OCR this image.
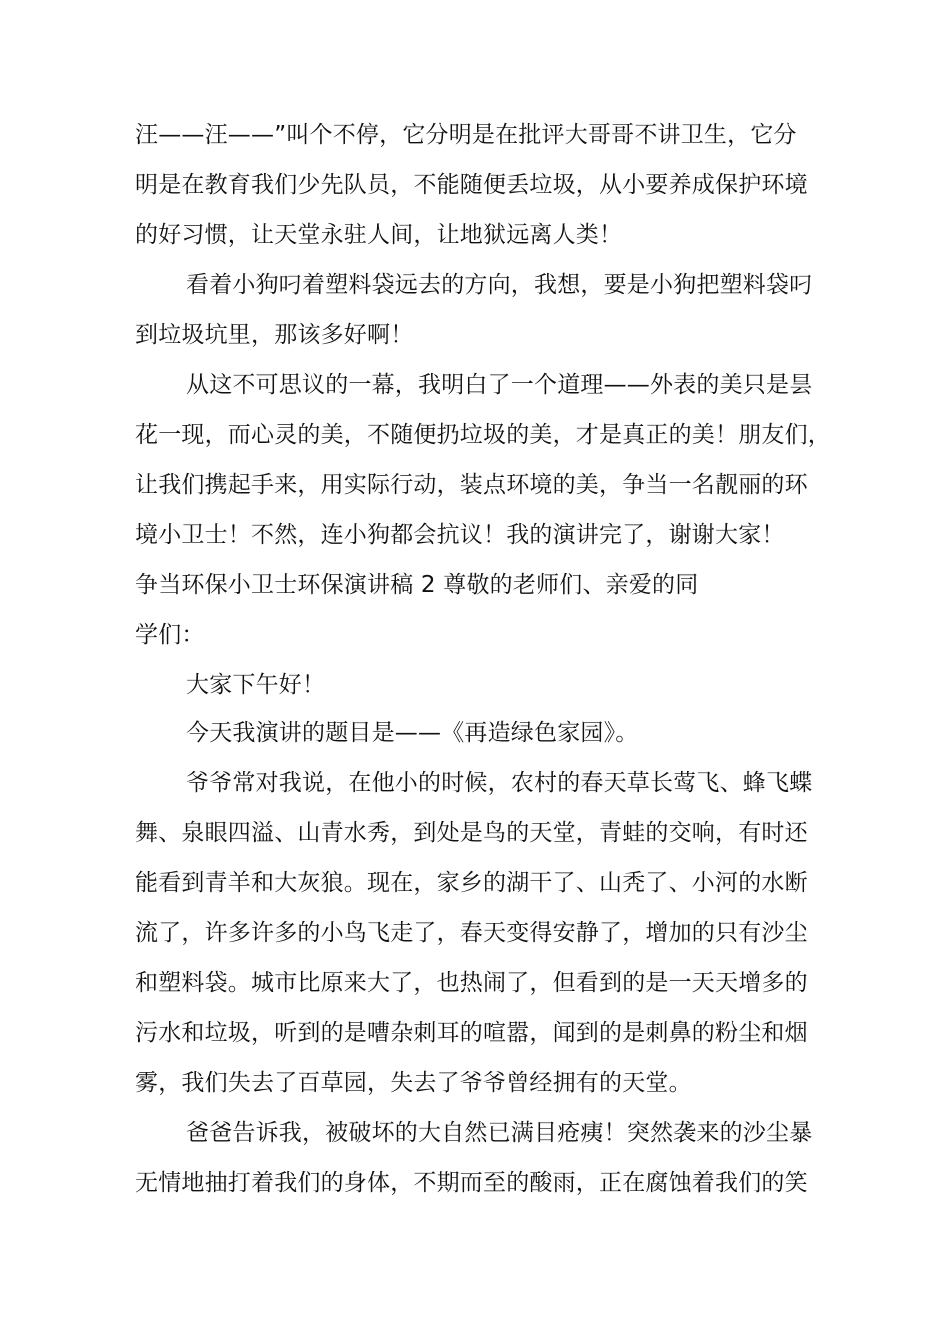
汪——汪——”叫个不停，它分明是在批评大哥哥不讲卫生，它分
明是在教育我们少先队员，不能随便丢垃圾，从小要养成保护环境
的好习惯，让天堂永驻人间，让地狱远离人类！
看着小狗叼着塑料袋远去的方向，我想，要是小狗把塑料袋叼
到垃圾坑里，那该多好啊！
从这不可思议的一幕，我明白了一个道理——外表的美只是昙
花一现，而心灵的美，不随便扔垃圾的美，才是真正的美！朋友们，
让我们携起手来，用实际行动，装点环境的美，争当一名靓丽的环
境小卫士！不然，连小狗都会抗议！我的演讲完了，谢谢大家！
争当环保小卫士环保演讲稿 2 尊敬的老师们、亲爱的同
学们：
大家下午好！
今天我演讲的题目是——《再造绿色家园》。
爷爷常对我说，在他小的时候，农村的春天草长莺飞、蜂飞蝶
舞、泉眼四溢、山青水秀，到处是鸟的天堂，青蛙的交响，有时还
能看到青羊和大灰狼。现在，家乡的湖干了、山秃了、小河的水断
流了，许多许多的小鸟飞走了，春天变得安静了，增加的只有沙尘
和塑料袋。城市比原来大了，也热闹了，但看到的是一天天增多的
污水和垃圾，听到的是嘈杂刺耳的喧嚣，闻到的是刺鼻的粉尘和烟
雾，我们失去了百草园，失去了爷爷曾经拥有的天堂。
爸爸告诉我，被破坏的大自然已满目疮痍！突然袭来的沙尘暴
无情地抽打着我们的身体，不期而至的酸雨，正在腐蚀着我们的笑
